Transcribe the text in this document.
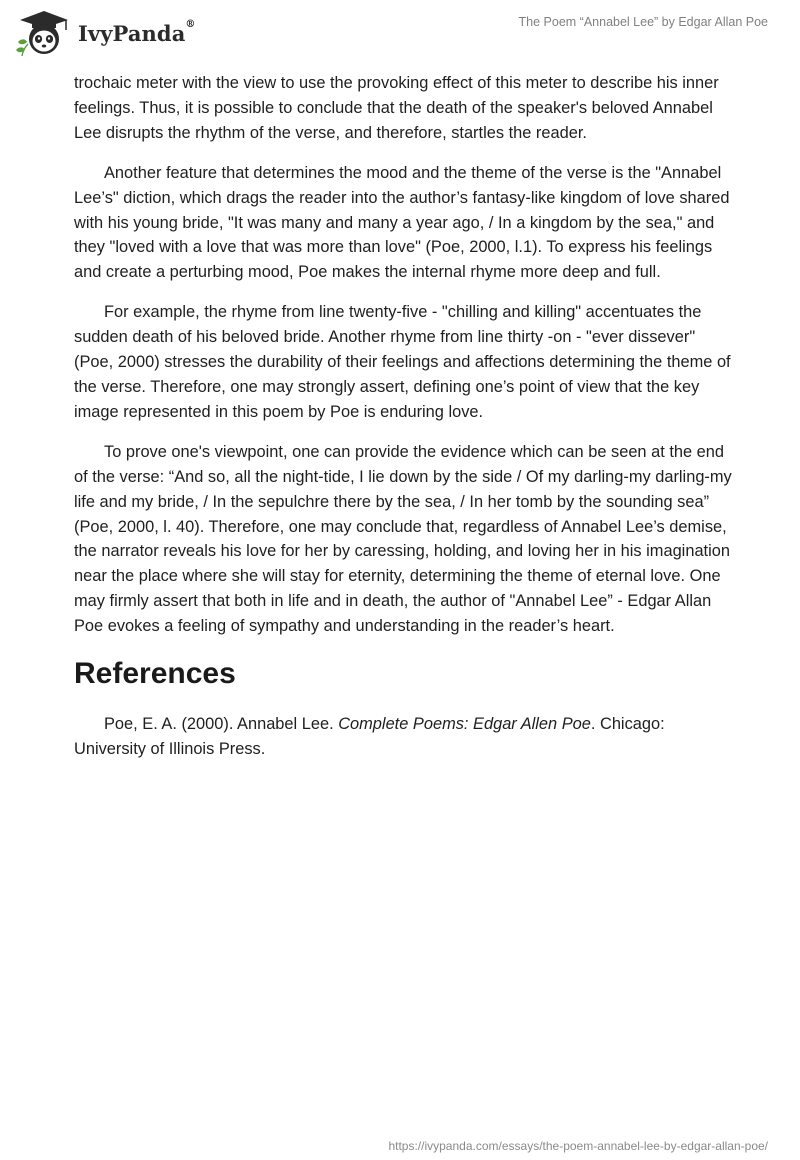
IvyPanda®	The Poem “Annabel Lee” by Edgar Allan Poe

trochaic meter with the view to use the provoking effect of this meter to describe his inner feelings. Thus, it is possible to conclude that the death of the speaker's beloved Annabel Lee disrupts the rhythm of the verse, and therefore, startles the reader.

Another feature that determines the mood and the theme of the verse is the "Annabel Lee’s" diction, which drags the reader into the author’s fantasy-like kingdom of love shared with his young bride, "It was many and many a year ago, / In a kingdom by the sea," and they "loved with a love that was more than love" (Poe, 2000, l.1). To express his feelings and create a perturbing mood, Poe makes the internal rhyme more deep and full.

For example, the rhyme from line twenty-five - "chilling and killing" accentuates the sudden death of his beloved bride. Another rhyme from line thirty -on - "ever dissever" (Poe, 2000) stresses the durability of their feelings and affections determining the theme of the verse. Therefore, one may strongly assert, defining one’s point of view that the key image represented in this poem by Poe is enduring love.

To prove one's viewpoint, one can provide the evidence which can be seen at the end of the verse: “And so, all the night-tide, I lie down by the side / Of my darling-my darling-my life and my bride, / In the sepulchre there by the sea, / In her tomb by the sounding sea” (Poe, 2000, l. 40). Therefore, one may conclude that, regardless of Annabel Lee’s demise, the narrator reveals his love for her by caressing, holding, and loving her in his imagination near the place where she will stay for eternity, determining the theme of eternal love. One may firmly assert that both in life and in death, the author of "Annabel Lee” - Edgar Allan Poe evokes a feeling of sympathy and understanding in the reader’s heart.

References

Poe, E. A. (2000). Annabel Lee. Complete Poems: Edgar Allen Poe. Chicago: University of Illinois Press.

https://ivypanda.com/essays/the-poem-annabel-lee-by-edgar-allan-poe/
